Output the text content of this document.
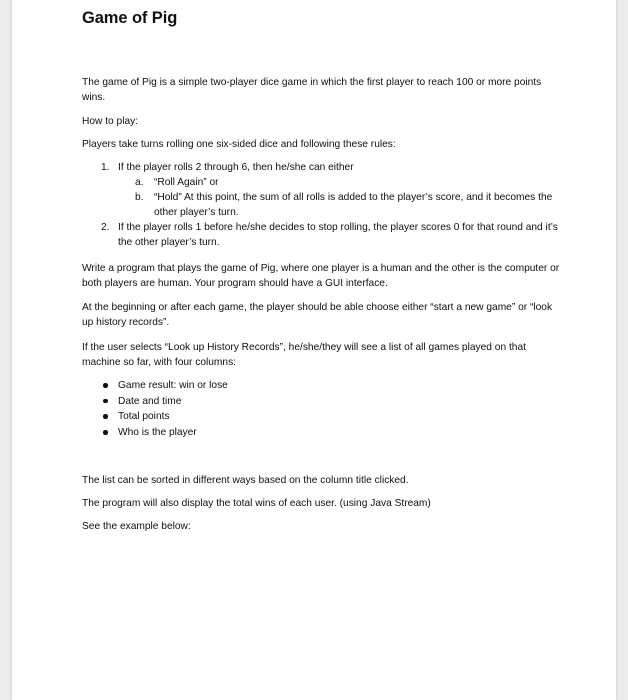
Game of Pig

The game of Pig is a simple two-player dice game in which the first player to reach 100 or more points wins.

How to play:

Players take turns rolling one six-sided dice and following these rules:

1. If the player rolls 2 through 6, then he/she can either
a. “Roll Again” or
b. “Hold” At this point, the sum of all rolls is added to the player’s score, and it becomes the other player’s turn.
2. If the player rolls 1 before he/she decides to stop rolling, the player scores 0 for that round and it’s the other player’s turn.

Write a program that plays the game of Pig, where one player is a human and the other is the computer or both players are human. Your program should have a GUI interface.

At the beginning or after each game, the player should be able choose either “start a new game” or “look up history records”.

If the user selects “Look up History Records”, he/she/they will see a list of all games played on that machine so far, with four columns:

Game result: win or lose
Date and time
Total points
Who is the player

The list can be sorted in different ways based on the column title clicked.

The program will also display the total wins of each user. (using Java Stream)

See the example below:
